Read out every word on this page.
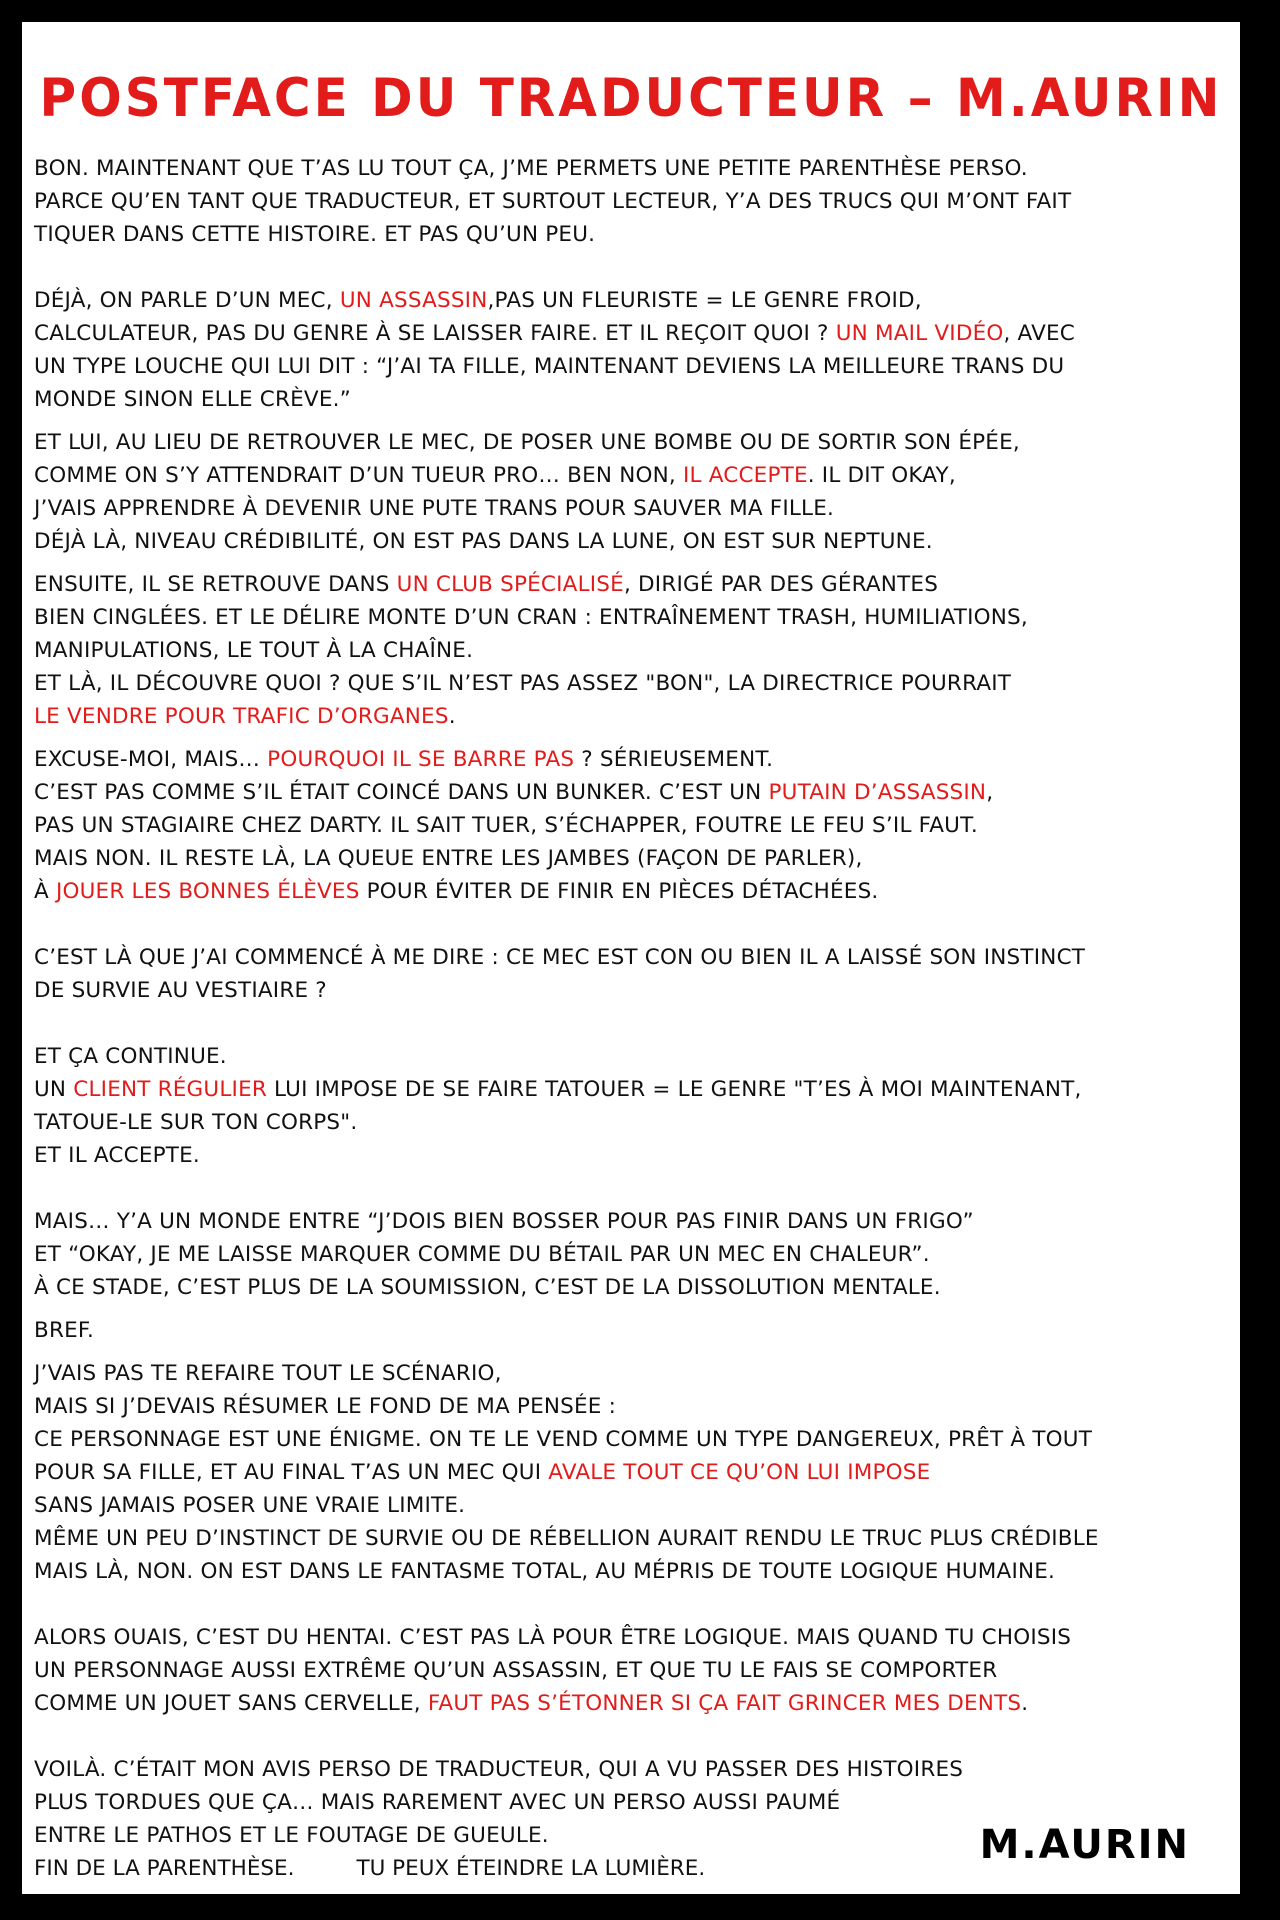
POSTFACE DU TRADUCTEUR – M.AURIN
BON. MAINTENANT QUE T’AS LU TOUT ÇA, J’ME PERMETS UNE PETITE PARENTHÈSE PERSO.
PARCE QU’EN TANT QUE TRADUCTEUR, ET SURTOUT LECTEUR, Y’A DES TRUCS QUI M’ONT FAIT
TIQUER DANS CETTE HISTOIRE. ET PAS QU’UN PEU.
DÉJÀ, ON PARLE D’UN MEC, UN ASSASSIN,PAS UN FLEURISTE = LE GENRE FROID,
CALCULATEUR, PAS DU GENRE À SE LAISSER FAIRE. ET IL REÇOIT QUOI ? UN MAIL VIDÉO, AVEC
UN TYPE LOUCHE QUI LUI DIT : “J’AI TA FILLE, MAINTENANT DEVIENS LA MEILLEURE TRANS DU
MONDE SINON ELLE CRÈVE.”
ET LUI, AU LIEU DE RETROUVER LE MEC, DE POSER UNE BOMBE OU DE SORTIR SON ÉPÉE,
COMME ON S’Y ATTENDRAIT D’UN TUEUR PRO… BEN NON, IL ACCEPTE. IL DIT OKAY,
J’VAIS APPRENDRE À DEVENIR UNE PUTE TRANS POUR SAUVER MA FILLE.
DÉJÀ LÀ, NIVEAU CRÉDIBILITÉ, ON EST PAS DANS LA LUNE, ON EST SUR NEPTUNE.
ENSUITE, IL SE RETROUVE DANS UN CLUB SPÉCIALISÉ, DIRIGÉ PAR DES GÉRANTES
BIEN CINGLÉES. ET LE DÉLIRE MONTE D’UN CRAN : ENTRAÎNEMENT TRASH, HUMILIATIONS,
MANIPULATIONS, LE TOUT À LA CHAÎNE.
ET LÀ, IL DÉCOUVRE QUOI ? QUE S’IL N’EST PAS ASSEZ "BON", LA DIRECTRICE POURRAIT
LE VENDRE POUR TRAFIC D’ORGANES.
EXCUSE-MOI, MAIS… POURQUOI IL SE BARRE PAS ? SÉRIEUSEMENT.
C’EST PAS COMME S’IL ÉTAIT COINCÉ DANS UN BUNKER. C’EST UN PUTAIN D’ASSASSIN,
PAS UN STAGIAIRE CHEZ DARTY. IL SAIT TUER, S’ÉCHAPPER, FOUTRE LE FEU S’IL FAUT.
MAIS NON. IL RESTE LÀ, LA QUEUE ENTRE LES JAMBES (FAÇON DE PARLER),
À JOUER LES BONNES ÉLÈVES POUR ÉVITER DE FINIR EN PIÈCES DÉTACHÉES.
C’EST LÀ QUE J’AI COMMENCÉ À ME DIRE : CE MEC EST CON OU BIEN IL A LAISSÉ SON INSTINCT
DE SURVIE AU VESTIAIRE ?
ET ÇA CONTINUE.
UN CLIENT RÉGULIER LUI IMPOSE DE SE FAIRE TATOUER = LE GENRE "T’ES À MOI MAINTENANT,
TATOUE-LE SUR TON CORPS".
ET IL ACCEPTE.
MAIS… Y’A UN MONDE ENTRE “J’DOIS BIEN BOSSER POUR PAS FINIR DANS UN FRIGO”
ET “OKAY, JE ME LAISSE MARQUER COMME DU BÉTAIL PAR UN MEC EN CHALEUR”.
À CE STADE, C’EST PLUS DE LA SOUMISSION, C’EST DE LA DISSOLUTION MENTALE.
BREF.
J’VAIS PAS TE REFAIRE TOUT LE SCÉNARIO,
MAIS SI J’DEVAIS RÉSUMER LE FOND DE MA PENSÉE :
CE PERSONNAGE EST UNE ÉNIGME. ON TE LE VEND COMME UN TYPE DANGEREUX, PRÊT À TOUT
POUR SA FILLE, ET AU FINAL T’AS UN MEC QUI AVALE TOUT CE QU’ON LUI IMPOSE
SANS JAMAIS POSER UNE VRAIE LIMITE.
MÊME UN PEU D’INSTINCT DE SURVIE OU DE RÉBELLION AURAIT RENDU LE TRUC PLUS CRÉDIBLE
MAIS LÀ, NON. ON EST DANS LE FANTASME TOTAL, AU MÉPRIS DE TOUTE LOGIQUE HUMAINE.
ALORS OUAIS, C’EST DU HENTAI. C’EST PAS LÀ POUR ÊTRE LOGIQUE. MAIS QUAND TU CHOISIS
UN PERSONNAGE AUSSI EXTRÊME QU’UN ASSASSIN, ET QUE TU LE FAIS SE COMPORTER
COMME UN JOUET SANS CERVELLE, FAUT PAS S’ÉTONNER SI ÇA FAIT GRINCER MES DENTS.
VOILÀ. C’ÉTAIT MON AVIS PERSO DE TRADUCTEUR, QUI A VU PASSER DES HISTOIRES
PLUS TORDUES QUE ÇA… MAIS RAREMENT AVEC UN PERSO AUSSI PAUMÉ
ENTRE LE PATHOS ET LE FOUTAGE DE GUEULE.
FIN DE LA PARENTHÈSE.	TU PEUX ÉTEINDRE LA LUMIÈRE.
M.AURIN
